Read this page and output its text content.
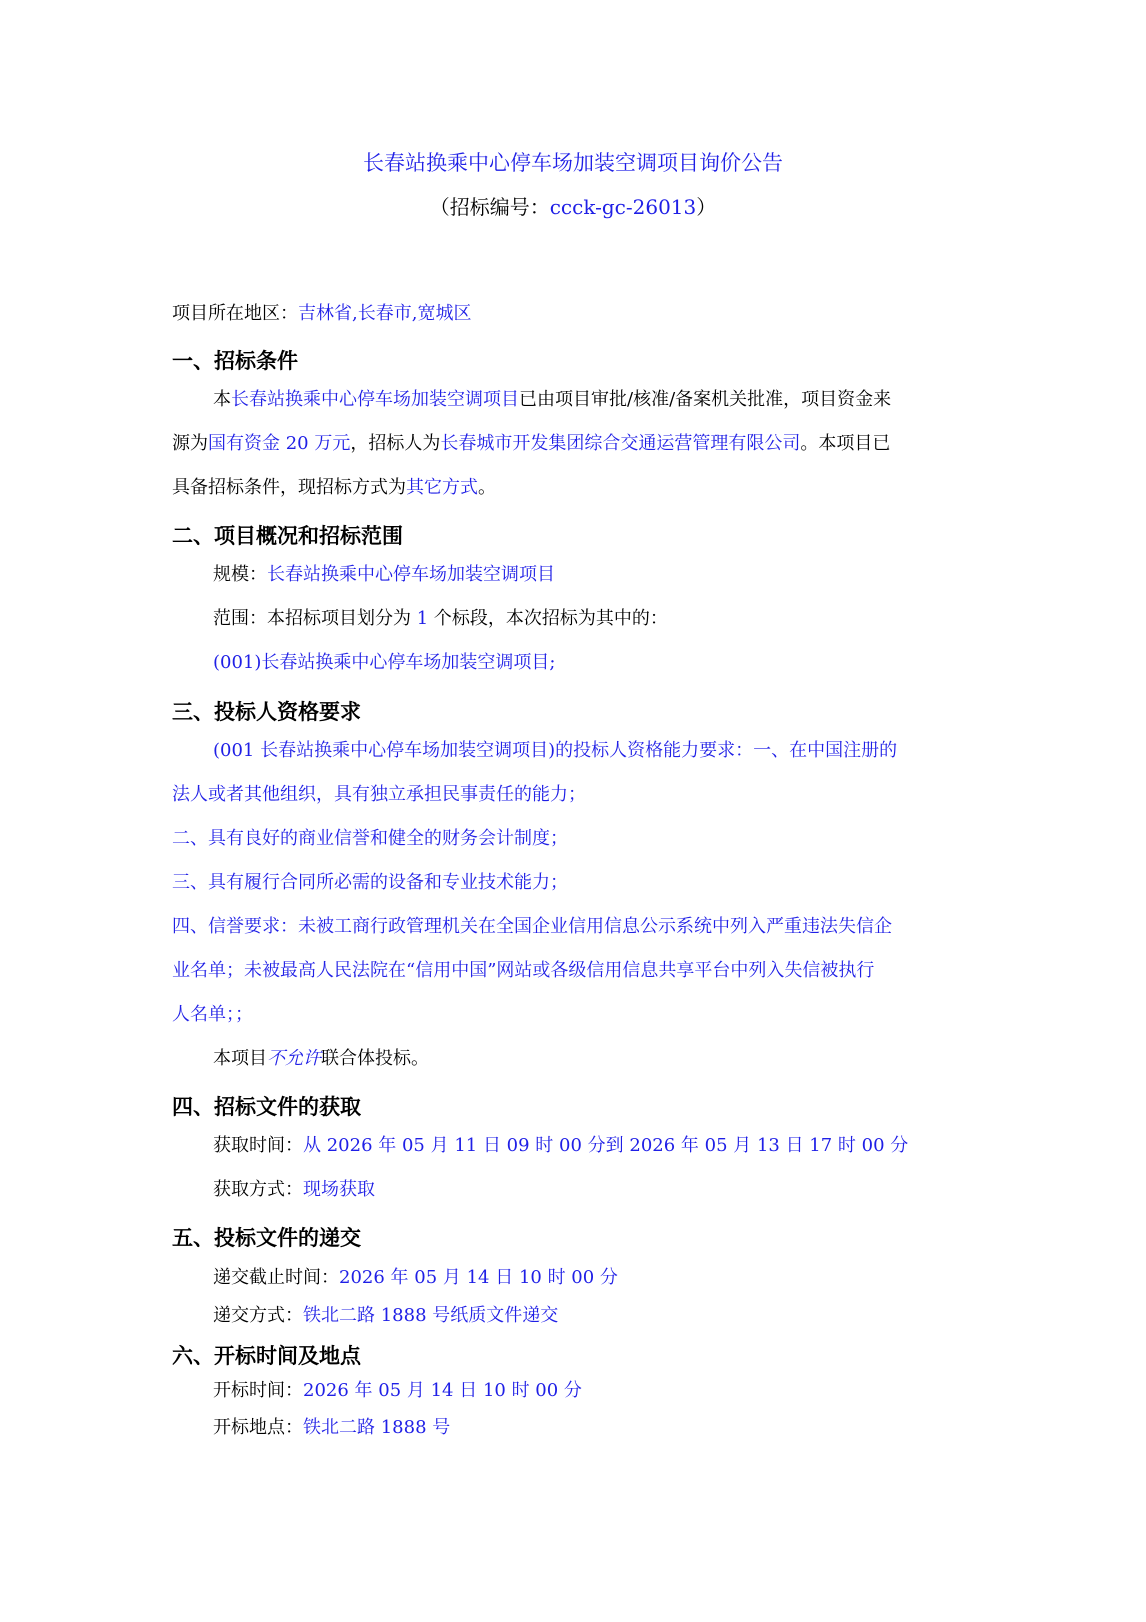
长春站换乘中心停车场加装空调项目询价公告
（招标编号：ccck-gc-26013）
项目所在地区：吉林省,长春市,宽城区
一、招标条件
本长春站换乘中心停车场加装空调项目已由项目审批/核准/备案机关批准，项目资金来
源为国有资金 20 万元，招标人为长春城市开发集团综合交通运营管理有限公司。本项目已
具备招标条件，现招标方式为其它方式。
二、项目概况和招标范围
规模：长春站换乘中心停车场加装空调项目
范围：本招标项目划分为 1 个标段，本次招标为其中的：
(001)长春站换乘中心停车场加装空调项目;
三、投标人资格要求
(001 长春站换乘中心停车场加装空调项目)的投标人资格能力要求：一、在中国注册的
法人或者其他组织，具有独立承担民事责任的能力；
二、具有良好的商业信誉和健全的财务会计制度；
三、具有履行合同所必需的设备和专业技术能力；
四、信誉要求：未被工商行政管理机关在全国企业信用信息公示系统中列入严重违法失信企
业名单；未被最高人民法院在“信用中国”网站或各级信用信息共享平台中列入失信被执行
人名单；；
本项目不允许联合体投标。
四、招标文件的获取
获取时间：从 2026 年 05 月 11 日 09 时 00 分到 2026 年 05 月 13 日 17 时 00 分
获取方式：现场获取
五、投标文件的递交
递交截止时间：2026 年 05 月 14 日 10 时 00 分
递交方式：铁北二路 1888 号纸质文件递交
六、开标时间及地点
开标时间：2026 年 05 月 14 日 10 时 00 分
开标地点：铁北二路 1888 号
